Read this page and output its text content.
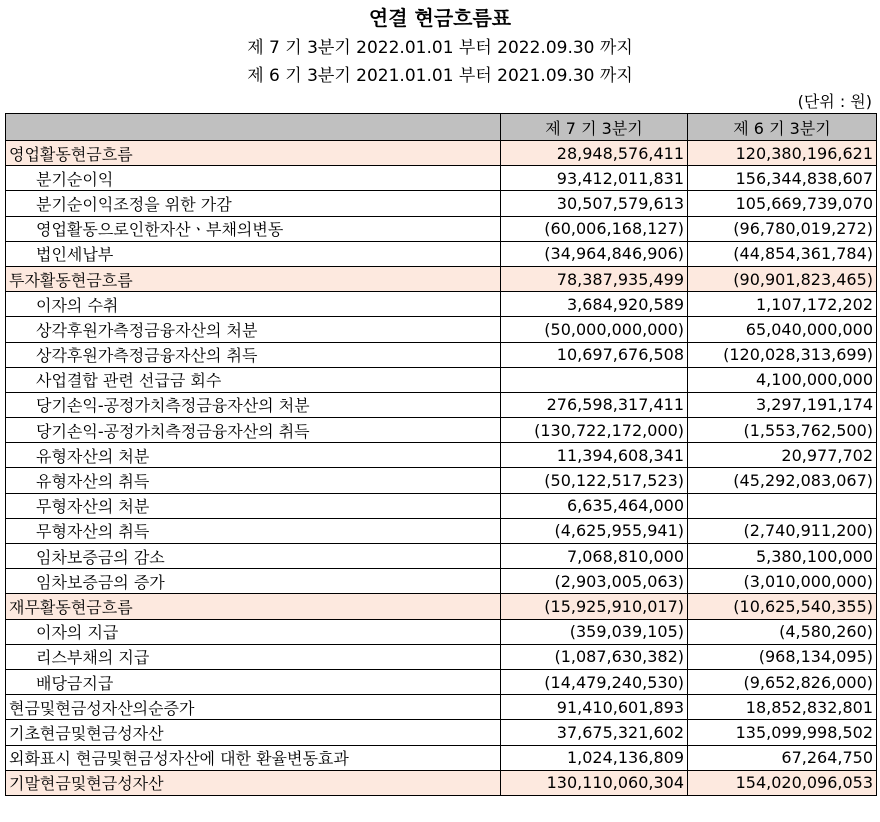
연결 현금흐름표
제 7 기 3분기 2022.01.01 부터 2022.09.30 까지
제 6 기 3분기 2021.01.01 부터 2021.09.30 까지
(단위 : 원)
	제 7 기 3분기	제 6 기 3분기
영업활동현금흐름	28,948,576,411	120,380,196,621
분기순이익	93,412,011,831	156,344,838,607
분기순이익조정을 위한 가감	30,507,579,613	105,669,739,070
영업활동으로인한자산ㆍ부채의변동	(60,006,168,127)	(96,780,019,272)
법인세납부	(34,964,846,906)	(44,854,361,784)
투자활동현금흐름	78,387,935,499	(90,901,823,465)
이자의 수취	3,684,920,589	1,107,172,202
상각후원가측정금융자산의 처분	(50,000,000,000)	65,040,000,000
상각후원가측정금융자산의 취득	10,697,676,508	(120,028,313,699)
사업결합 관련 선급금 회수		4,100,000,000
당기손익-공정가치측정금융자산의 처분	276,598,317,411	3,297,191,174
당기손익-공정가치측정금융자산의 취득	(130,722,172,000)	(1,553,762,500)
유형자산의 처분	11,394,608,341	20,977,702
유형자산의 취득	(50,122,517,523)	(45,292,083,067)
무형자산의 처분	6,635,464,000	
무형자산의 취득	(4,625,955,941)	(2,740,911,200)
임차보증금의 감소	7,068,810,000	5,380,100,000
임차보증금의 증가	(2,903,005,063)	(3,010,000,000)
재무활동현금흐름	(15,925,910,017)	(10,625,540,355)
이자의 지급	(359,039,105)	(4,580,260)
리스부채의 지급	(1,087,630,382)	(968,134,095)
배당금지급	(14,479,240,530)	(9,652,826,000)
현금및현금성자산의순증가	91,410,601,893	18,852,832,801
기초현금및현금성자산	37,675,321,602	135,099,998,502
외화표시 현금및현금성자산에 대한 환율변동효과	1,024,136,809	67,264,750
기말현금및현금성자산	130,110,060,304	154,020,096,053
